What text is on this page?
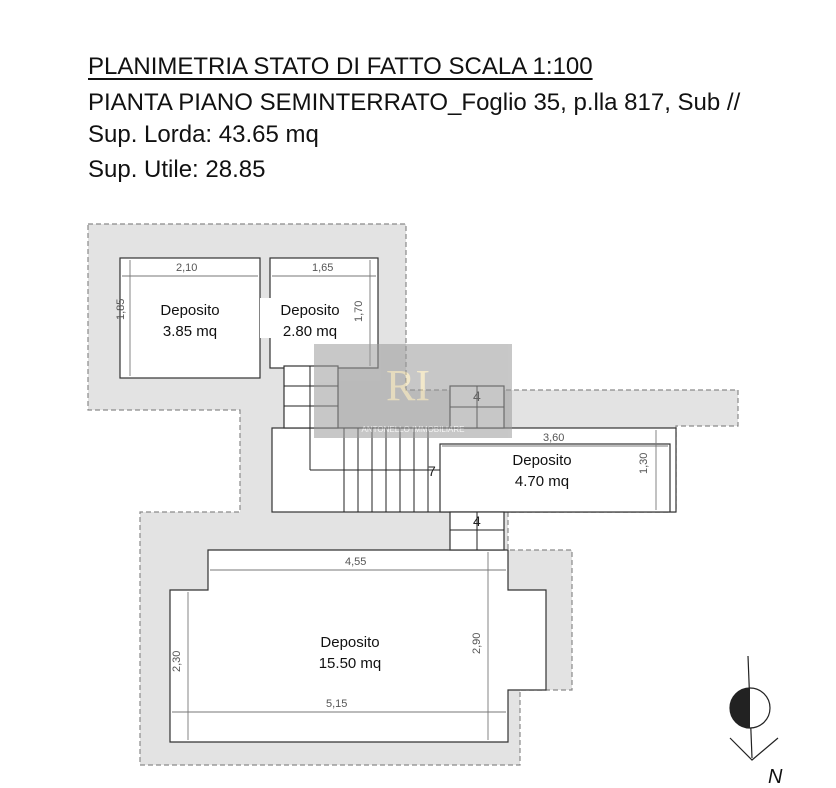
PLANIMETRIA STATO DI FATTO SCALA 1:100
PIANTA PIANO SEMINTERRATO_Foglio 35, p.lla 817, Sub //
Sup. Lorda: 43.65 mq
Sup. Utile: 28.85
7
4
2,10
1,85
1,65
1,70
3,60
1,30
4,55
2,90
2,30
5,15
Deposito
3.85 mq
Deposito
2.80 mq
Deposito
4.70 mq
Deposito
15.50 mq
RI
ANTONELLO IMMOBILIARE
N
